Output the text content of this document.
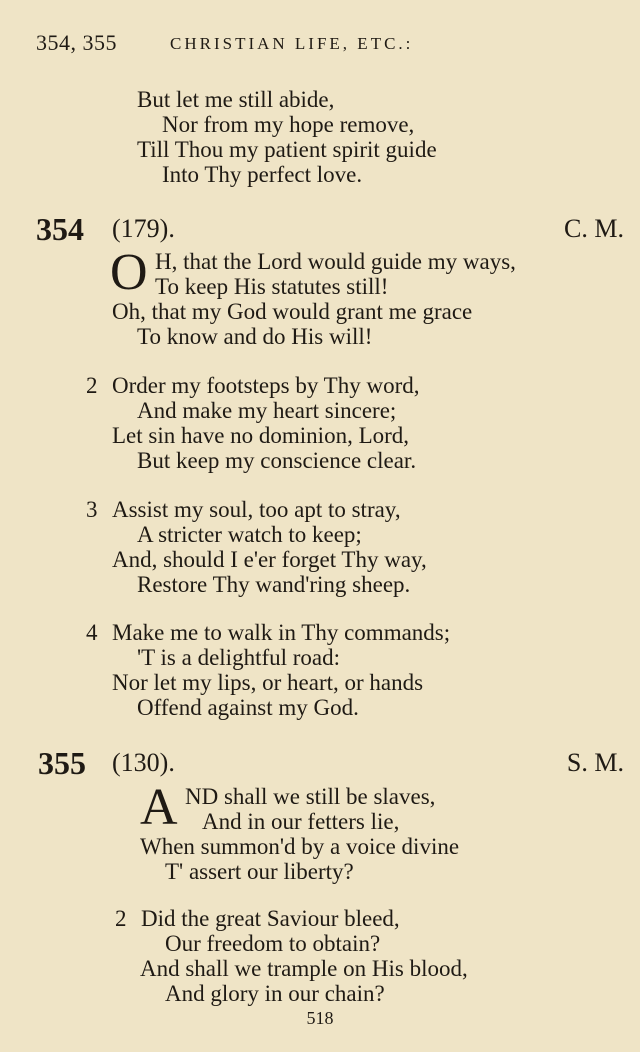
354, 355	CHRISTIAN LIFE, ETC.:
But let me still abide,
Nor from my hope remove,
Till Thou my patient spirit guide
Into Thy perfect love.
354 (179).	C. M.
O H, that the Lord would guide my ways,
To keep His statutes still!
Oh, that my God would grant me grace
To know and do His will!
2 Order my footsteps by Thy word,
And make my heart sincere;
Let sin have no dominion, Lord,
But keep my conscience clear.
3 Assist my soul, too apt to stray,
A stricter watch to keep;
And, should I e'er forget Thy way,
Restore Thy wand'ring sheep.
4 Make me to walk in Thy commands;
'T is a delightful road:
Nor let my lips, or heart, or hands
Offend against my God.
355 (130).	S. M.
A ND shall we still be slaves,
And in our fetters lie,
When summon'd by a voice divine
T' assert our liberty?
2 Did the great Saviour bleed,
Our freedom to obtain?
And shall we trample on His blood,
And glory in our chain?
518
